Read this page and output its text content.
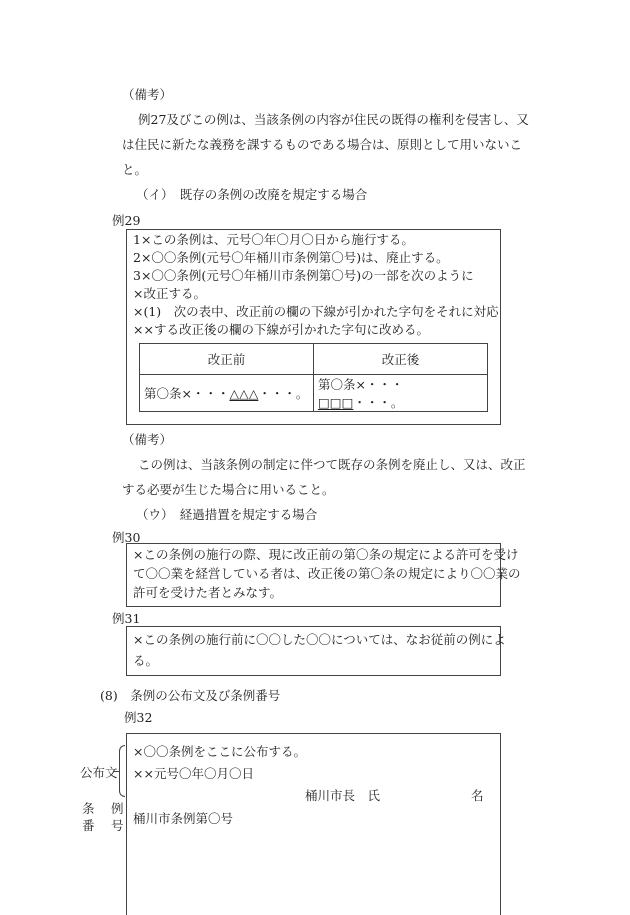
（備考）
例27及びこの例は、当該条例の内容が住民の既得の権利を侵害し、又
は住民に新たな義務を課するものである場合は、原則として用いないこ
と。
（イ）　既存の条例の改廃を規定する場合
例29
1×この条例は、元号〇年〇月〇日から施行する。
2×〇〇条例(元号〇年桶川市条例第〇号)は、廃止する。
3×〇〇条例(元号〇年桶川市条例第〇号)の一部を次のように
×改正する。
×(1)　次の表中、改正前の欄の下線が引かれた字句をそれに対応
××する改正後の欄の下線が引かれた字句に改める。
改正前	改正後
第〇条×・・・△△△・・・。	第〇条×・・・□□□・・・。
（備考）
この例は、当該条例の制定に伴つて既存の条例を廃止し、又は、改正
する必要が生じた場合に用いること。
（ウ）　経過措置を規定する場合
例30
×この条例の施行の際、現に改正前の第〇条の規定による許可を受け
て〇〇業を経営している者は、改正後の第〇条の規定により〇〇業の
許可を受けた者とみなす。
例31
×この条例の施行前に〇〇した〇〇については、なお従前の例によ
る。
(8)　条例の公布文及び条例番号
例32
×〇〇条例をここに公布する。
××元号〇年〇月〇日
桶川市長　氏	名
桶川市条例第〇号
公布文
条　例
番　号
